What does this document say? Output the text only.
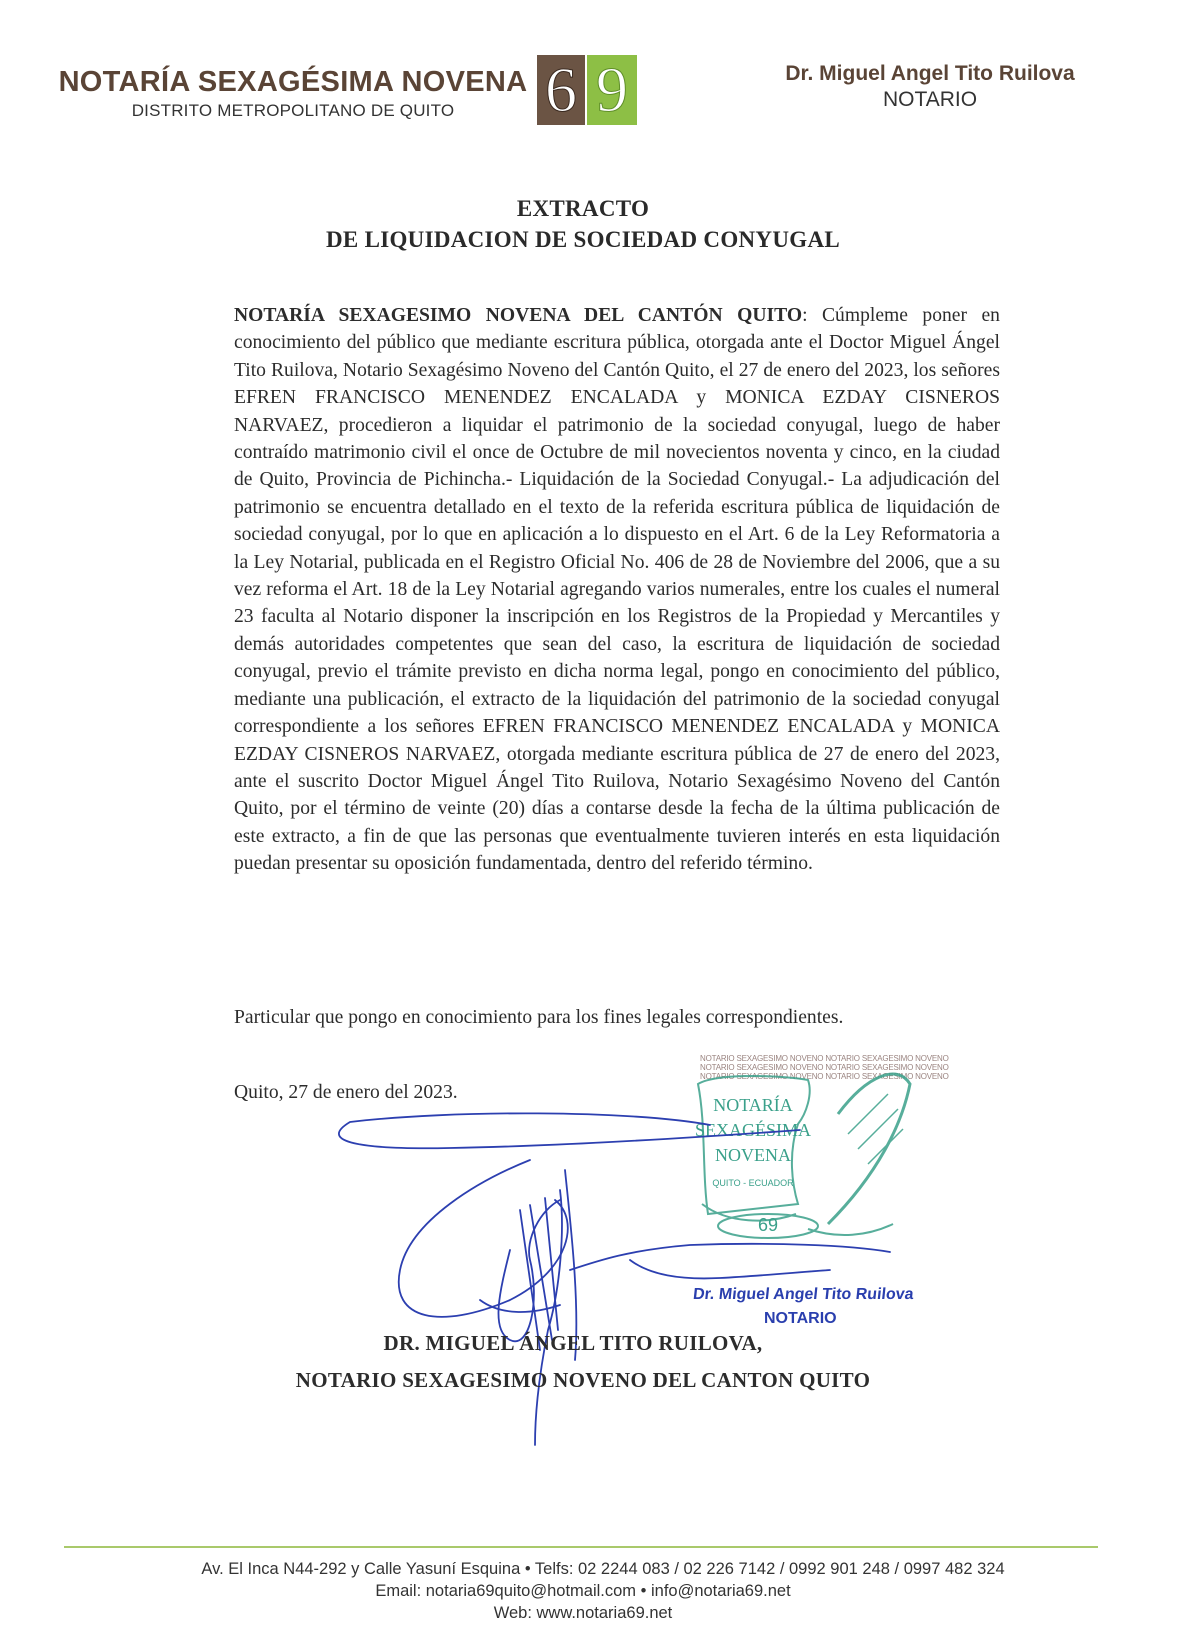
NOTARÍA SEXAGÉSIMA NOVENA
DISTRITO METROPOLITANO DE QUITO	6 9	Dr. Miguel Angel Tito Ruilova
NOTARIO
EXTRACTO
DE LIQUIDACION DE SOCIEDAD CONYUGAL
NOTARÍA SEXAGESIMO NOVENA DEL CANTÓN QUITO: Cúmpleme poner en conocimiento del público que mediante escritura pública, otorgada ante el Doctor Miguel Ángel Tito Ruilova, Notario Sexagésimo Noveno del Cantón Quito, el 27 de enero del 2023, los señores EFREN FRANCISCO MENENDEZ ENCALADA y MONICA EZDAY CISNEROS NARVAEZ, procedieron a liquidar el patrimonio de la sociedad conyugal, luego de haber contraído matrimonio civil el once de Octubre de mil novecientos noventa y cinco, en la ciudad de Quito, Provincia de Pichincha.- Liquidación de la Sociedad Conyugal.- La adjudicación del patrimonio se encuentra detallado en el texto de la referida escritura pública de liquidación de sociedad conyugal, por lo que en aplicación a lo dispuesto en el Art. 6 de la Ley Reformatoria a la Ley Notarial, publicada en el Registro Oficial No. 406 de 28 de Noviembre del 2006, que a su vez reforma el Art. 18 de la Ley Notarial agregando varios numerales, entre los cuales el numeral 23 faculta al Notario disponer la inscripción en los Registros de la Propiedad y Mercantiles y demás autoridades competentes que sean del caso, la escritura de liquidación de sociedad conyugal, previo el trámite previsto en dicha norma legal, pongo en conocimiento del público, mediante una publicación, el extracto de la liquidación del patrimonio de la sociedad conyugal correspondiente a los señores EFREN FRANCISCO MENENDEZ ENCALADA y MONICA EZDAY CISNEROS NARVAEZ, otorgada mediante escritura pública de 27 de enero del 2023, ante el suscrito Doctor Miguel Ángel Tito Ruilova, Notario Sexagésimo Noveno del Cantón Quito, por el término de veinte (20) días a contarse desde la fecha de la última publicación de este extracto, a fin de que las personas que eventualmente tuvieren interés en esta liquidación puedan presentar su oposición fundamentada, dentro del referido término.
Particular que pongo en conocimiento para los fines legales correspondientes.
Quito, 27 de enero del 2023.
NOTARIO SEXAGESIMO NOVENO NOTARIO SEXAGESIMO NOVENO
NOTARIO SEXAGESIMO NOVENO NOTARIO SEXAGESIMO NOVENO
NOTARIO SEXAGESIMO NOVENO NOTARIO SEXAGESIMO NOVENO
NOTARÍA
SEXAGÉSIMA
NOVENA
QUITO - ECUADOR
69
Dr. Miguel Angel Tito Ruilova
NOTARIO
DR. MIGUEL ÁNGEL TITO RUILOVA,
NOTARIO SEXAGESIMO NOVENO DEL CANTON QUITO
Av. El Inca N44-292 y Calle Yasuní Esquina • Telfs: 02 2244 083 / 02 226 7142 / 0992 901 248 / 0997 482 324
Email: notaria69quito@hotmail.com • info@notaria69.net
Web: www.notaria69.net
